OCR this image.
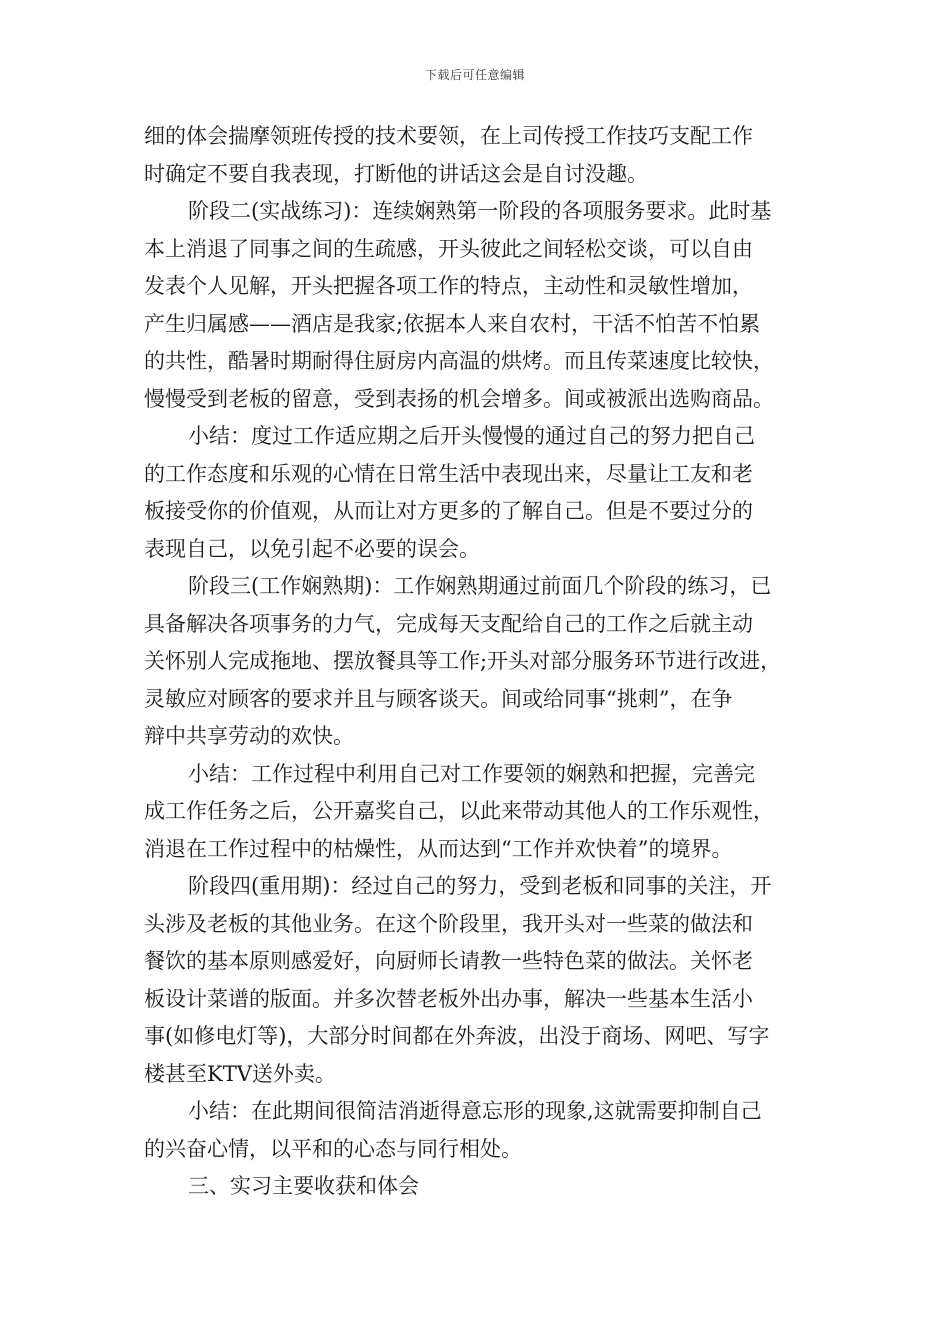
下载后可任意编辑
细的体会揣摩领班传授的技术要领，在上司传授工作技巧支配工作
时确定不要自我表现，打断他的讲话这会是自讨没趣。
阶段二(实战练习)：连续娴熟第一阶段的各项服务要求。此时基
本上消退了同事之间的生疏感，开头彼此之间轻松交谈，可以自由
发表个人见解，开头把握各项工作的特点，主动性和灵敏性增加，
产生归属感——酒店是我家;依据本人来自农村，干活不怕苦不怕累
的共性，酷暑时期耐得住厨房内高温的烘烤。而且传菜速度比较快，
慢慢受到老板的留意，受到表扬的机会增多。间或被派出选购商品。
小结：度过工作适应期之后开头慢慢的通过自己的努力把自己
的工作态度和乐观的心情在日常生活中表现出来，尽量让工友和老
板接受你的价值观，从而让对方更多的了解自己。但是不要过分的
表现自己，以免引起不必要的误会。
阶段三(工作娴熟期)：工作娴熟期通过前面几个阶段的练习，已
具备解决各项事务的力气，完成每天支配给自己的工作之后就主动
关怀别人完成拖地、摆放餐具等工作;开头对部分服务环节进行改进，
灵敏应对顾客的要求并且与顾客谈天。间或给同事“挑刺”，在争
辩中共享劳动的欢快。
小结：工作过程中利用自己对工作要领的娴熟和把握，完善完
成工作任务之后，公开嘉奖自己，以此来带动其他人的工作乐观性，
消退在工作过程中的枯燥性，从而达到“工作并欢快着”的境界。
阶段四(重用期)：经过自己的努力，受到老板和同事的关注，开
头涉及老板的其他业务。在这个阶段里，我开头对一些菜的做法和
餐饮的基本原则感爱好，向厨师长请教一些特色菜的做法。关怀老
板设计菜谱的版面。并多次替老板外出办事，解决一些基本生活小
事(如修电灯等)，大部分时间都在外奔波，出没于商场、网吧、写字
楼甚至KTV送外卖。
小结：在此期间很简洁消逝得意忘形的现象,这就需要抑制自己
的兴奋心情，以平和的心态与同行相处。
三、实习主要收获和体会
